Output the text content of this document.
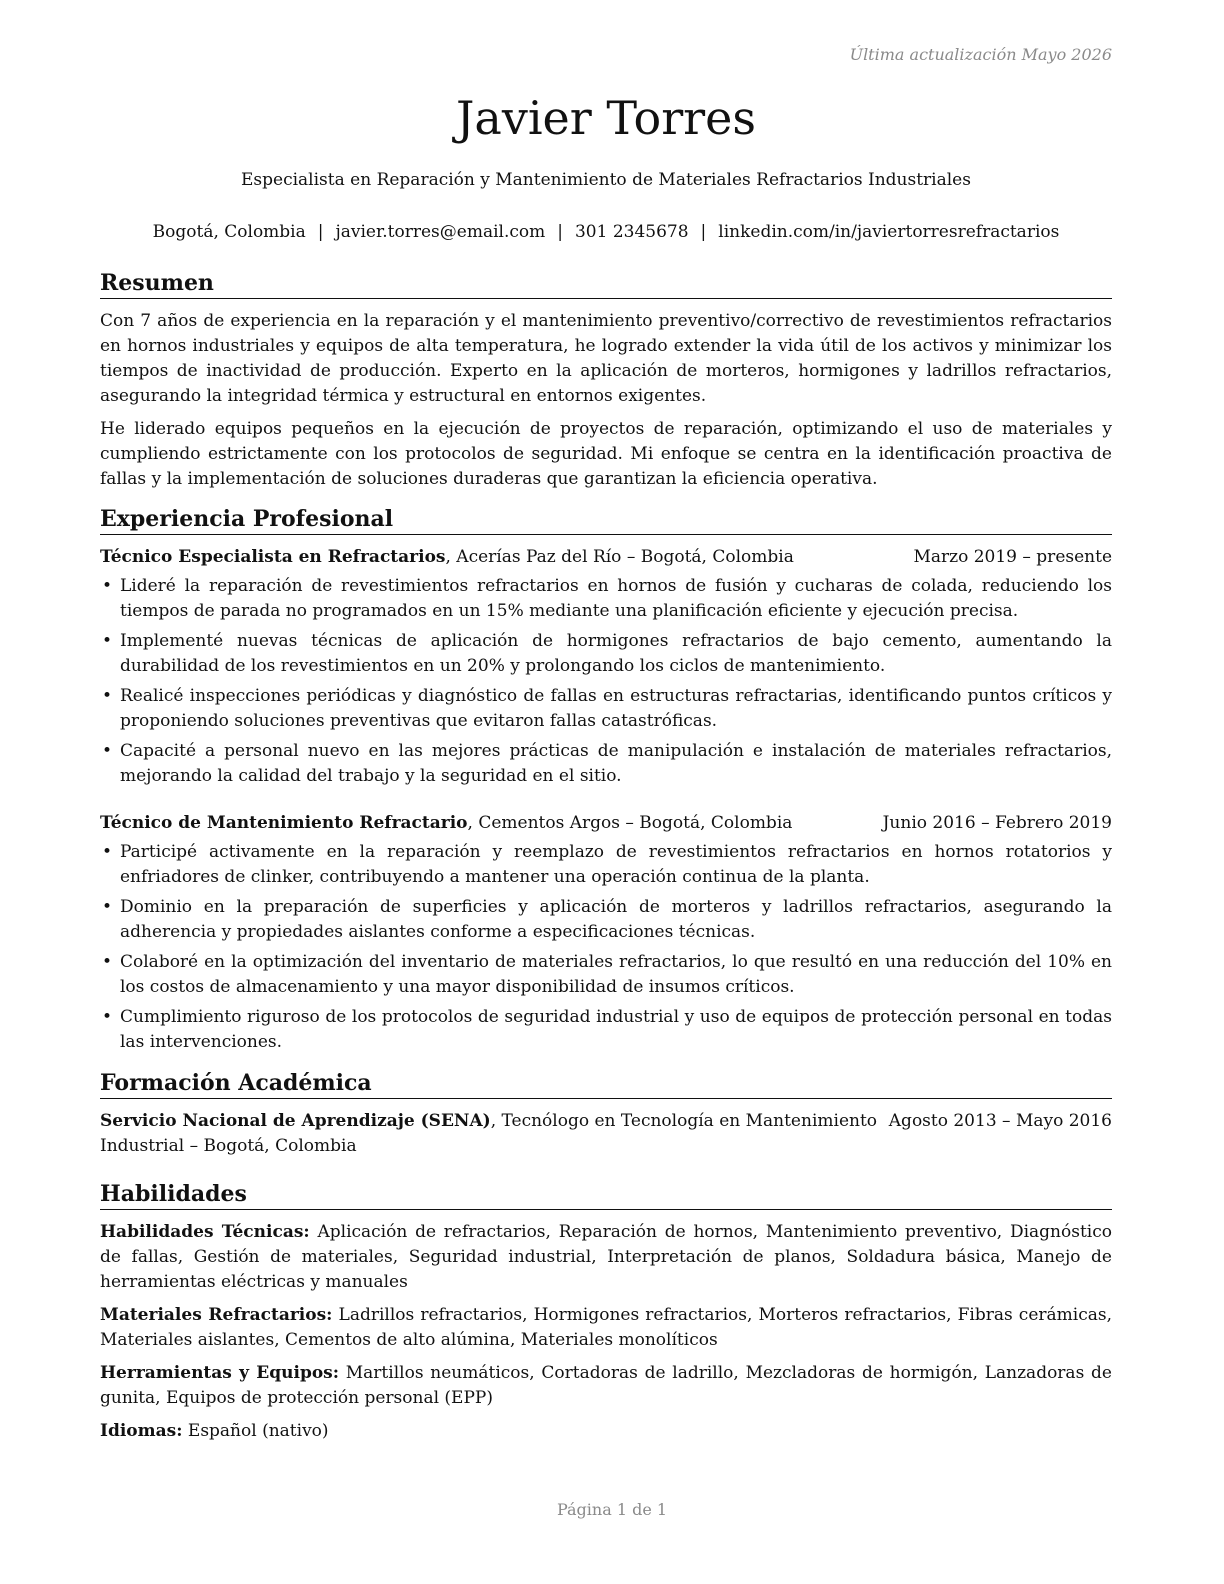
Última actualización Mayo 2026
Javier Torres
Especialista en Reparación y Mantenimiento de Materiales Refractarios Industriales
Bogotá, Colombia | javier.torres@email.com | 301 2345678 | linkedin.com/in/javiertorresrefractarios
Resumen

Con 7 años de experiencia en la reparación y el mantenimiento preventivo/correctivo de revestimientos refractarios en hornos industriales y equipos de alta temperatura, he logrado extender la vida útil de los activos y minimizar los tiempos de inactividad de producción. Experto en la aplicación de morteros, hormigones y ladrillos refractarios, asegurando la integridad térmica y estructural en entornos exigentes.

He liderado equipos pequeños en la ejecución de proyectos de reparación, optimizando el uso de materiales y cumpliendo estrictamente con los protocolos de seguridad. Mi enfoque se centra en la identificación proactiva de fallas y la implementación de soluciones duraderas que garantizan la eficiencia operativa.

Experiencia Profesional
Técnico Especialista en Refractarios, Acerías Paz del Río – Bogotá, Colombia	Marzo 2019 – presente
• Lideré la reparación de revestimientos refractarios en hornos de fusión y cucharas de colada, reduciendo los tiempos de parada no programados en un 15% mediante una planificación eficiente y ejecución precisa.
• Implementé nuevas técnicas de aplicación de hormigones refractarios de bajo cemento, aumentando la durabilidad de los revestimientos en un 20% y prolongando los ciclos de mantenimiento.
• Realicé inspecciones periódicas y diagnóstico de fallas en estructuras refractarias, identificando puntos críticos y proponiendo soluciones preventivas que evitaron fallas catastróficas.
• Capacité a personal nuevo en las mejores prácticas de manipulación e instalación de materiales refractarios, mejorando la calidad del trabajo y la seguridad en el sitio.
Técnico de Mantenimiento Refractario, Cementos Argos – Bogotá, Colombia	Junio 2016 – Febrero 2019
• Participé activamente en la reparación y reemplazo de revestimientos refractarios en hornos rotatorios y enfriadores de clinker, contribuyendo a mantener una operación continua de la planta.
• Dominio en la preparación de superficies y aplicación de morteros y ladrillos refractarios, asegurando la adherencia y propiedades aislantes conforme a especificaciones técnicas.
• Colaboré en la optimización del inventario de materiales refractarios, lo que resultó en una reducción del 10% en los costos de almacenamiento y una mayor disponibilidad de insumos críticos.
• Cumplimiento riguroso de los protocolos de seguridad industrial y uso de equipos de protección personal en todas las intervenciones.
Formación Académica
Servicio Nacional de Aprendizaje (SENA), Tecnólogo en Tecnología en Mantenimiento Industrial – Bogotá, Colombia
Agosto 2013 – Mayo 2016
Habilidades

Habilidades Técnicas: Aplicación de refractarios, Reparación de hornos, Mantenimiento preventivo, Diagnóstico de fallas, Gestión de materiales, Seguridad industrial, Interpretación de planos, Soldadura básica, Manejo de herramientas eléctricas y manuales

Materiales Refractarios: Ladrillos refractarios, Hormigones refractarios, Morteros refractarios, Fibras cerámicas, Materiales aislantes, Cementos de alto alúmina, Materiales monolíticos

Herramientas y Equipos: Martillos neumáticos, Cortadoras de ladrillo, Mezcladoras de hormigón, Lanzadoras de gunita, Equipos de protección personal (EPP)

Idiomas: Español (nativo)

Página 1 de 1
